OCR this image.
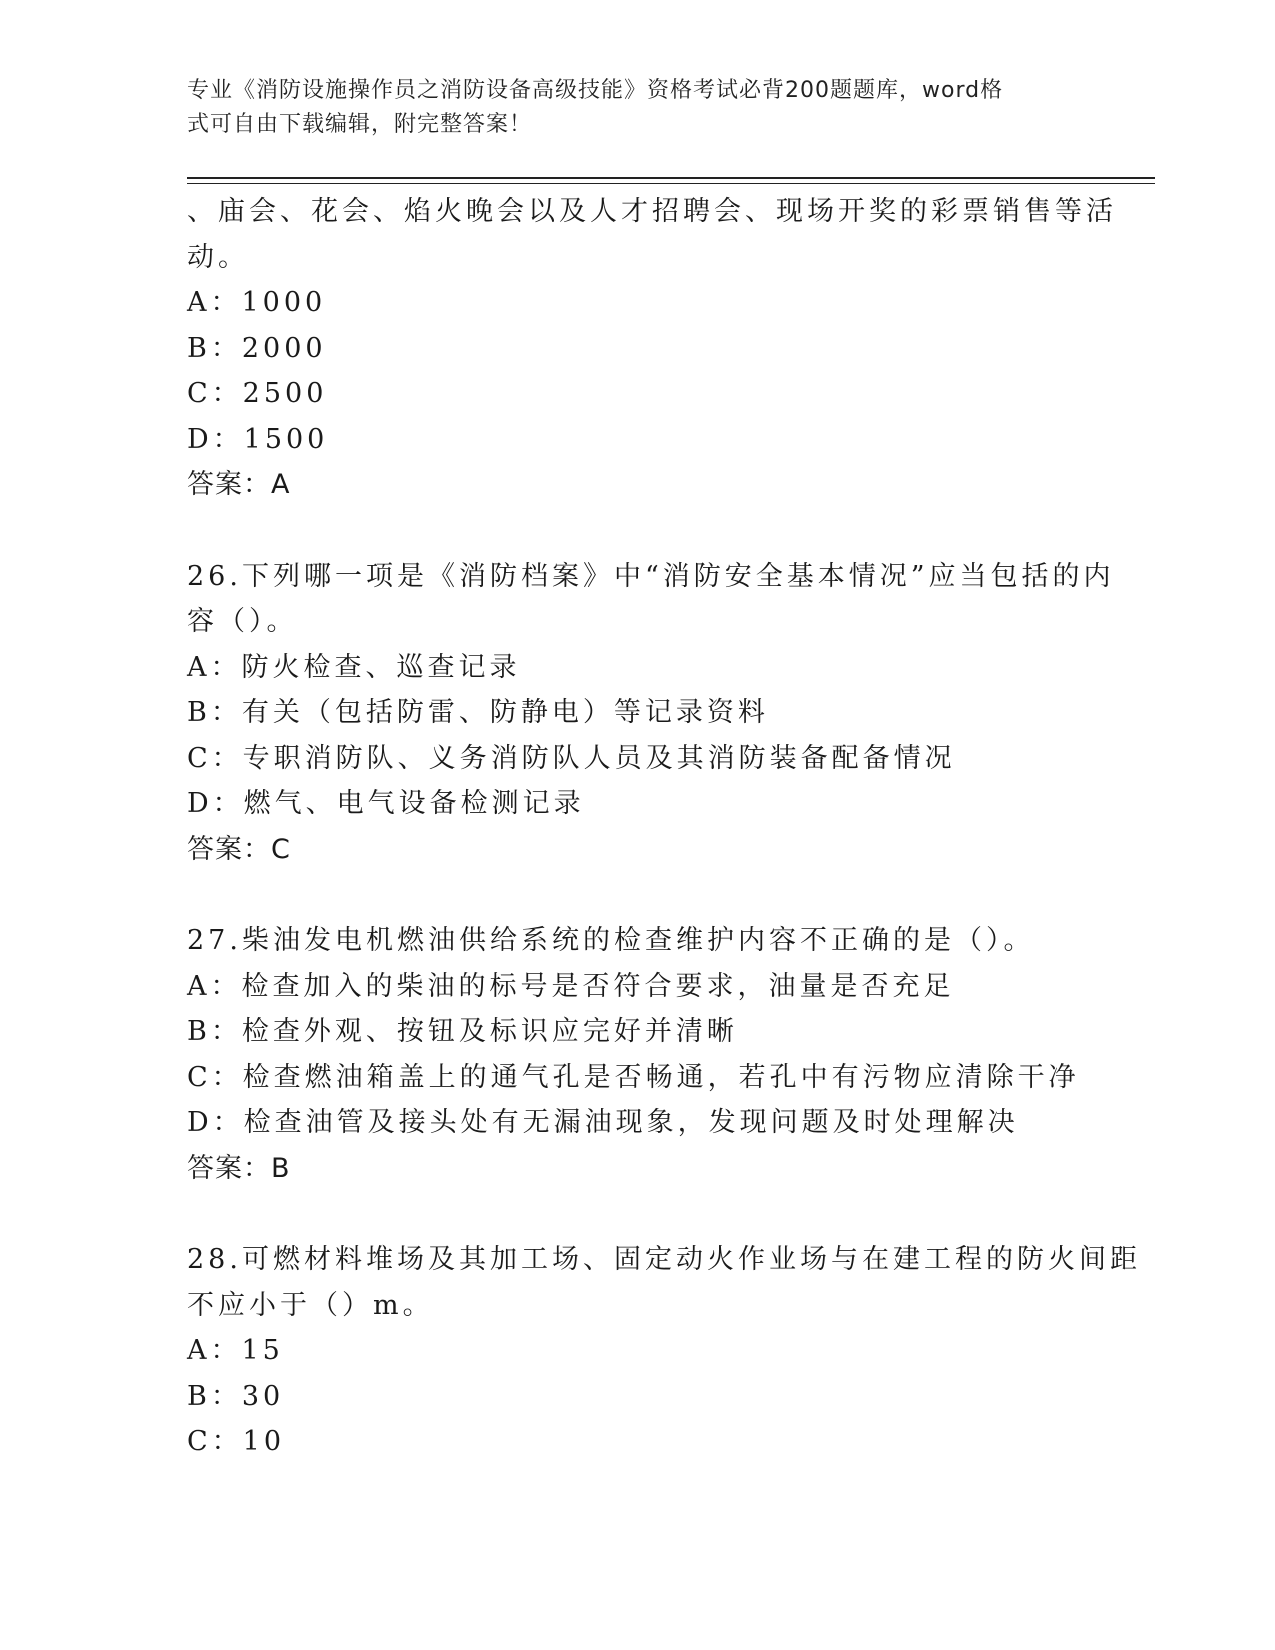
专业《消防设施操作员之消防设备高级技能》资格考试必背200题题库，word格
式可自由下载编辑，附完整答案！
、庙会、花会、焰火晚会以及人才招聘会、现场开奖的彩票销售等活
动。
A：1000
B：2000
C：2500
D：1500
答案：A
26.下列哪一项是《消防档案》中“消防安全基本情况”应当包括的内
容（）。
A：防火检查、巡查记录
B：有关（包括防雷、防静电）等记录资料
C：专职消防队、义务消防队人员及其消防装备配备情况
D：燃气、电气设备检测记录
答案：C
27.柴油发电机燃油供给系统的检查维护内容不正确的是（）。
A：检查加入的柴油的标号是否符合要求，油量是否充足
B：检查外观、按钮及标识应完好并清晰
C：检查燃油箱盖上的通气孔是否畅通，若孔中有污物应清除干净
D：检查油管及接头处有无漏油现象，发现问题及时处理解决
答案：B
28.可燃材料堆场及其加工场、固定动火作业场与在建工程的防火间距
不应小于（）m。
A：15
B：30
C：10
